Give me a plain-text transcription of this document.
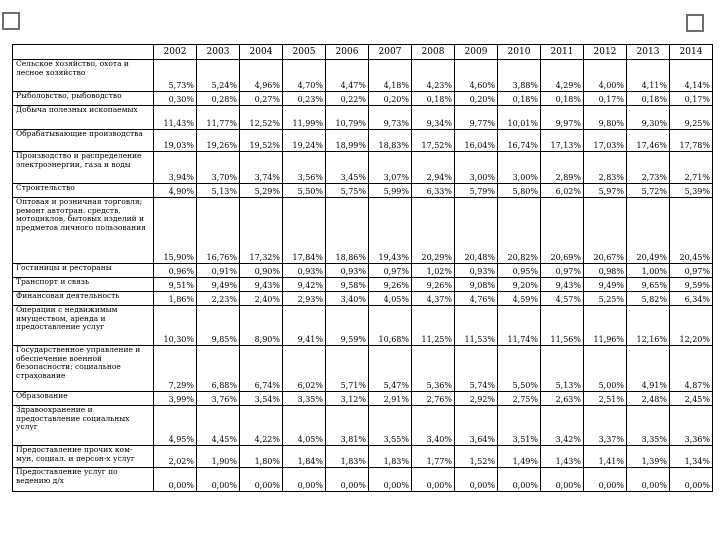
	2002	2003	2004	2005	2006	2007	2008	2009	2010	2011	2012	2013	2014
Сельское хозяйство, охота и лесное хозяйство	5,73%	5,24%	4,96%	4,70%	4,47%	4,18%	4,23%	4,60%	3,88%	4,29%	4,00%	4,11%	4,14%
Рыболовство, рыбоводство	0,30%	0,28%	0,27%	0,23%	0,22%	0,20%	0,18%	0,20%	0,18%	0,18%	0,17%	0,18%	0,17%
Добыча полезных ископаемых	11,43%	11,77%	12,52%	11,99%	10,79%	9,73%	9,34%	9,77%	10,01%	9,97%	9,80%	9,30%	9,25%
Обрабатывающие производства	19,03%	19,26%	19,52%	19,24%	18,99%	18,83%	17,52%	16,04%	16,74%	17,13%	17,03%	17,46%	17,78%
Производство и распределение электроэнергии, газа и воды	3,94%	3,70%	3,74%	3,56%	3,45%	3,07%	2,94%	3,00%	3,00%	2,89%	2,83%	2,73%	2,71%
Строительство	4,90%	5,13%	5,29%	5,50%	5,75%	5,99%	6,33%	5,79%	5,80%	6,02%	5,97%	5,72%	5,39%
Оптовая и розничная торговля; ремонт автотран. средств, мотоциклов, бытовых изделий и предметов личного пользования	15,90%	16,76%	17,32%	17,84%	18,86%	19,43%	20,29%	20,48%	20,82%	20,69%	20,67%	20,49%	20,45%
Гостиницы и рестораны	0,96%	0,91%	0,90%	0,93%	0,93%	0,97%	1,02%	0,93%	0,95%	0,97%	0,98%	1,00%	0,97%
Транспорт и связь	9,51%	9,49%	9,43%	9,42%	9,58%	9,26%	9,26%	9,08%	9,20%	9,43%	9,49%	9,65%	9,59%
Финансовая деятельность	1,86%	2,23%	2,40%	2,93%	3,40%	4,05%	4,37%	4,76%	4,59%	4,57%	5,25%	5,82%	6,34%
Операции с недвижимым имуществом, аренда и предоставление услуг	10,30%	9,85%	8,90%	9,41%	9,59%	10,68%	11,25%	11,53%	11,74%	11,56%	11,96%	12,16%	12,20%
Государственное управление и обеспечение военной безопасности; социальное страхование	7,29%	6,88%	6,74%	6,02%	5,71%	5,47%	5,36%	5,74%	5,50%	5,13%	5,00%	4,91%	4,87%
Образование	3,99%	3,76%	3,54%	3,35%	3,12%	2,91%	2,76%	2,92%	2,75%	2,63%	2,51%	2,48%	2,45%
Здравоохранение и предоставление социальных услуг	4,95%	4,45%	4,22%	4,05%	3,81%	3,55%	3,40%	3,64%	3,51%	3,42%	3,37%	3,35%	3,36%
Предоставление прочих ком-мун, социал. и персон-х услуг	2,02%	1,90%	1,80%	1,84%	1,83%	1,83%	1,77%	1,52%	1,49%	1,43%	1,41%	1,39%	1,34%
Предоставление услуг по ведению д/х	0,00%	0,00%	0,00%	0,00%	0,00%	0,00%	0,00%	0,00%	0,00%	0,00%	0,00%	0,00%	0,00%
